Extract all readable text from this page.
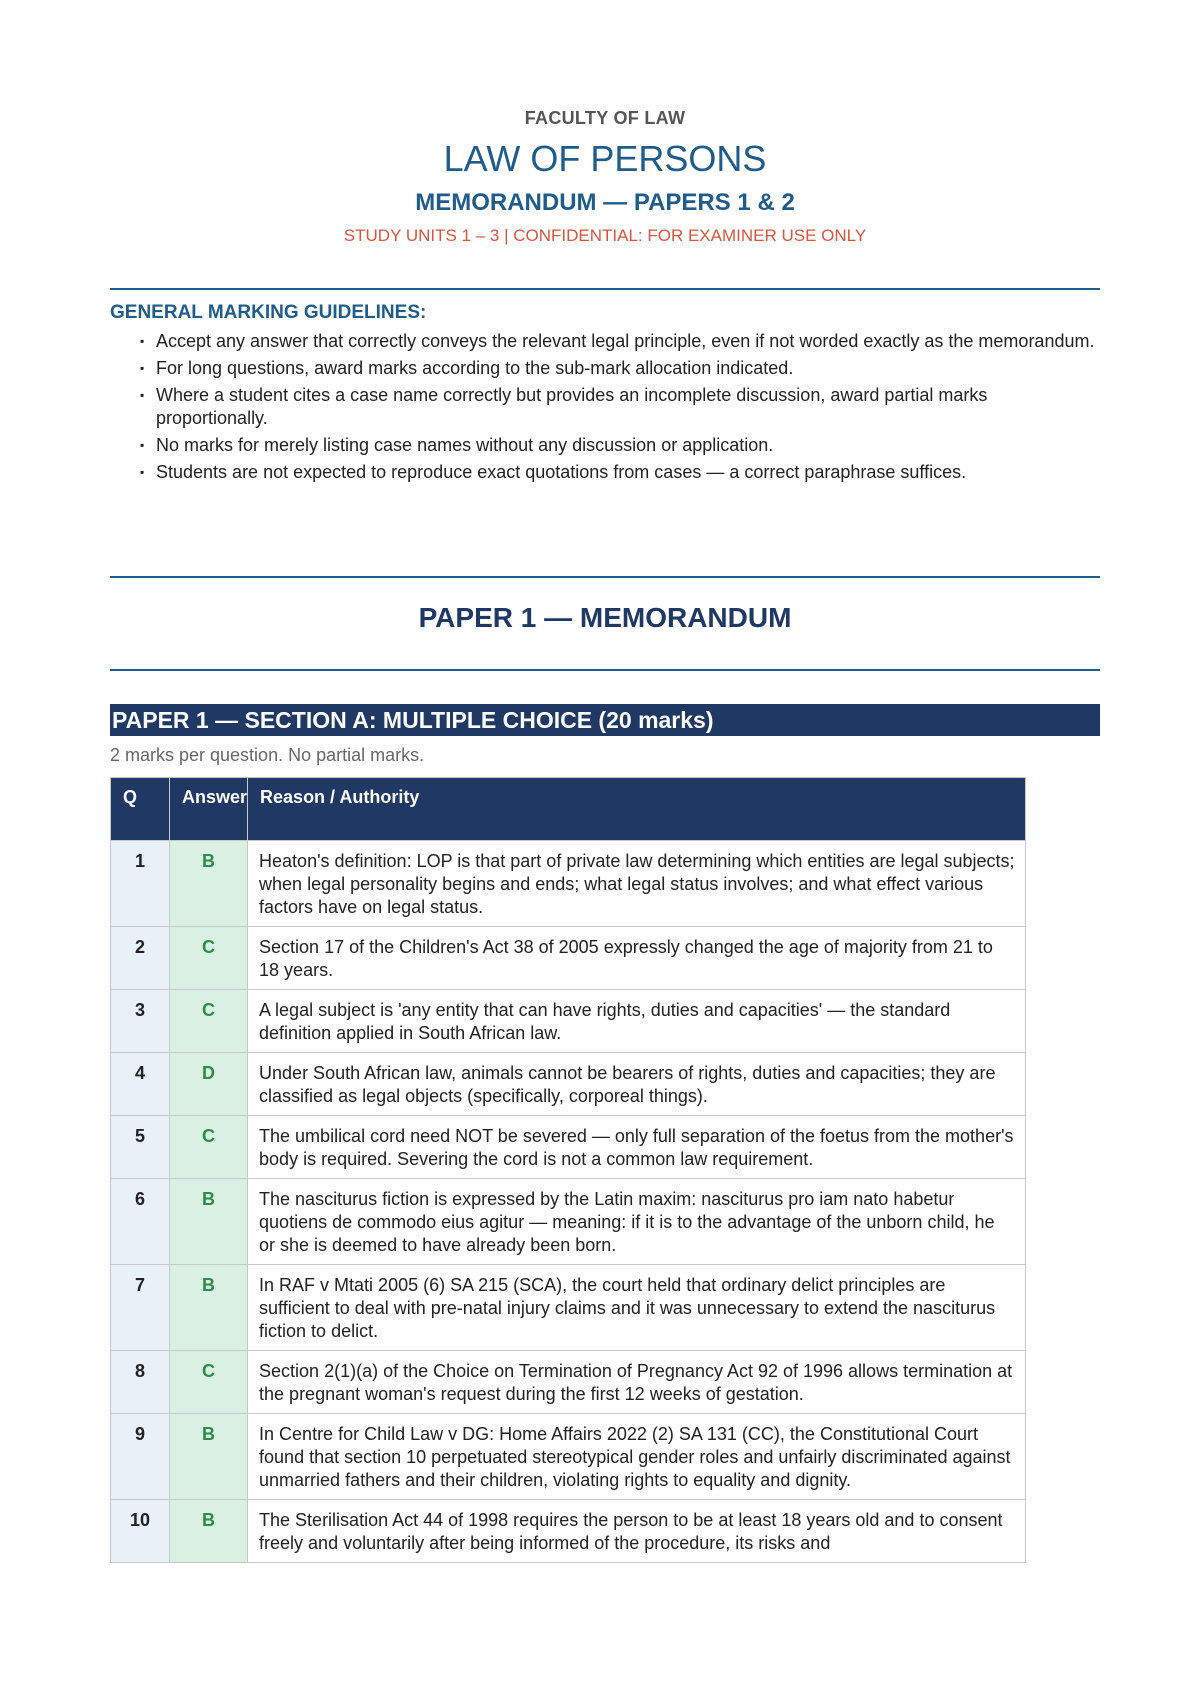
FACULTY OF LAW
LAW OF PERSONS
MEMORANDUM — PAPERS 1 & 2
STUDY UNITS 1 – 3 | CONFIDENTIAL: FOR EXAMINER USE ONLY
GENERAL MARKING GUIDELINES:
▪ Accept any answer that correctly conveys the relevant legal principle, even if not worded exactly as the memorandum.
▪ For long questions, award marks according to the sub-mark allocation indicated.
▪ Where a student cites a case name correctly but provides an incomplete discussion, award partial marks proportionally.
▪ No marks for merely listing case names without any discussion or application.
▪ Students are not expected to reproduce exact quotations from cases — a correct paraphrase suffices.
PAPER 1 — MEMORANDUM
PAPER 1 — SECTION A: MULTIPLE CHOICE (20 marks)
2 marks per question. No partial marks.
Q	Answer	Reason / Authority
1	B	Heaton's definition: LOP is that part of private law determining which entities are legal subjects; when legal personality begins and ends; what legal status involves; and what effect various factors have on legal status.
2	C	Section 17 of the Children's Act 38 of 2005 expressly changed the age of majority from 21 to 18 years.
3	C	A legal subject is 'any entity that can have rights, duties and capacities' — the standard definition applied in South African law.
4	D	Under South African law, animals cannot be bearers of rights, duties and capacities; they are classified as legal objects (specifically, corporeal things).
5	C	The umbilical cord need NOT be severed — only full separation of the foetus from the mother's body is required. Severing the cord is not a common law requirement.
6	B	The nasciturus fiction is expressed by the Latin maxim: nasciturus pro iam nato habetur quotiens de commodo eius agitur — meaning: if it is to the advantage of the unborn child, he or she is deemed to have already been born.
7	B	In RAF v Mtati 2005 (6) SA 215 (SCA), the court held that ordinary delict principles are sufficient to deal with pre-natal injury claims and it was unnecessary to extend the nasciturus fiction to delict.
8	C	Section 2(1)(a) of the Choice on Termination of Pregnancy Act 92 of 1996 allows termination at the pregnant woman's request during the first 12 weeks of gestation.
9	B	In Centre for Child Law v DG: Home Affairs 2022 (2) SA 131 (CC), the Constitutional Court found that section 10 perpetuated stereotypical gender roles and unfairly discriminated against unmarried fathers and their children, violating rights to equality and dignity.
10	B	The Sterilisation Act 44 of 1998 requires the person to be at least 18 years old and to consent freely and voluntarily after being informed of the procedure, its risks and
